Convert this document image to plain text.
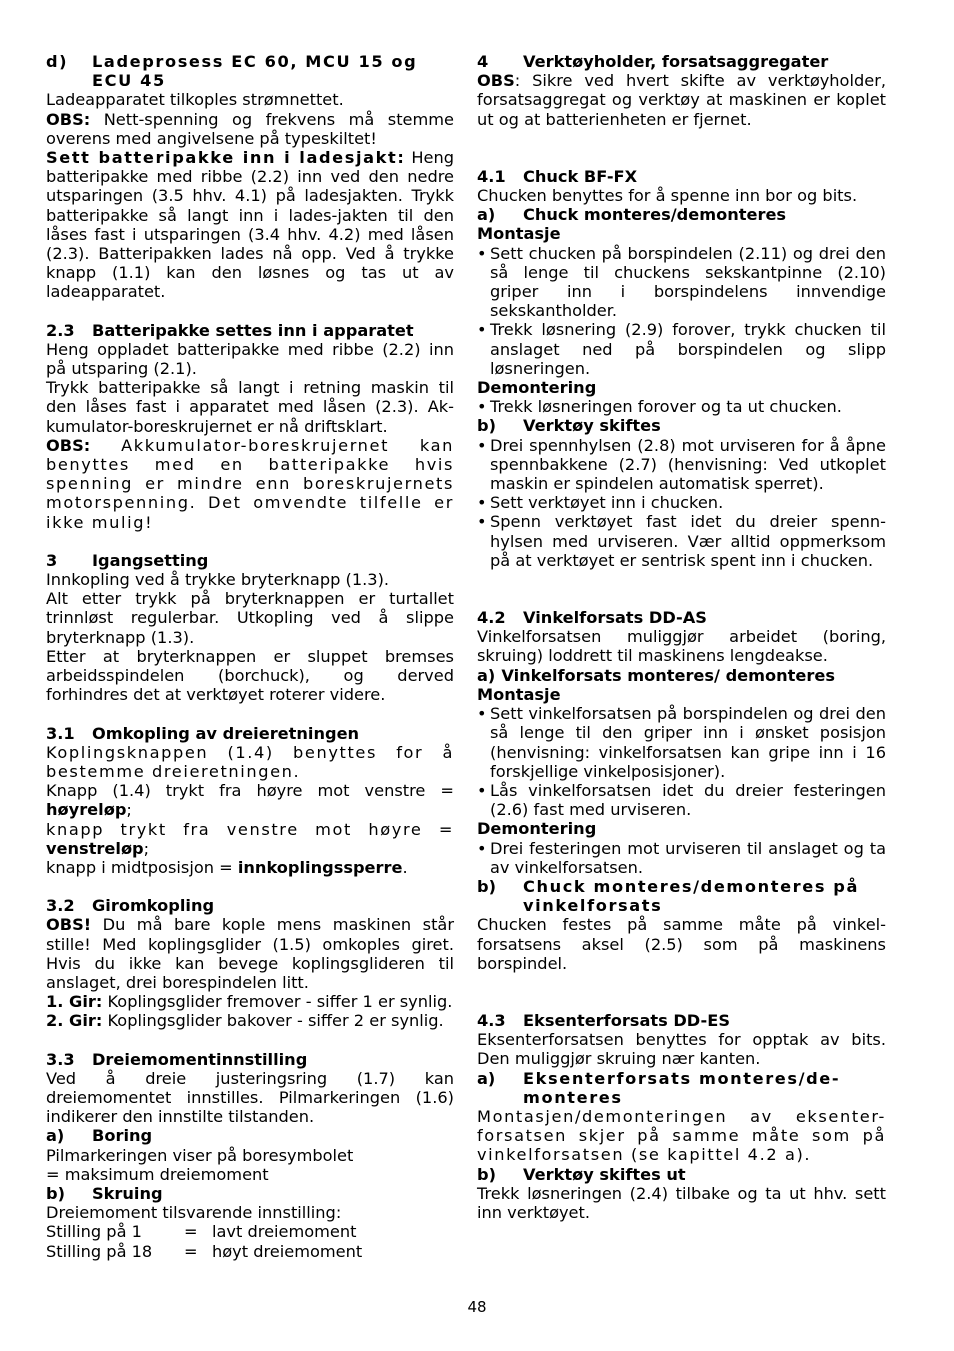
d)	Ladeprosess EC 60, MCU 15 og ECU 45

Ladeapparatet tilkoples strømnettet.

OBS: Nett-spenning og frekvens må stemme overens med angivelsene på typeskiltet!

Sett batteripakke inn i ladesjakt: Heng batteripakke med ribbe (2.2) inn ved den nedre utsparingen (3.5 hhv. 4.1) på ladesjakten. Trykk batteripakke så langt inn i lades-jakten til den låses fast i utsparingen (3.4 hhv. 4.2) med låsen (2.3). Batteripakken lades nå opp. Ved å trykke knapp (1.1) kan den løsnes og tas ut av ladeapparatet.

2.3	Batteripakke settes inn i apparatet

Heng oppladet batteripakke med ribbe (2.2) inn på utsparing (2.1).

Trykk batteripakke så langt i retning maskin til den låses fast i apparatet med låsen (2.3). Ak-kumulator-boreskrujernet er nå driftsklart.

OBS: Akkumulator-boreskrujernet kan benyttes med en batteripakke hvis spenning er mindre enn boreskrujernets motorspenning. Det omvendte tilfelle er ikke mulig!

3	Igangsetting

Innkopling ved å trykke bryterknapp (1.3).

Alt etter trykk på bryterknappen er turtallet trinnløst regulerbar. Utkopling ved å slippe bryterknapp (1.3).

Etter at bryterknappen er sluppet bremses arbeidsspindelen (borchuck), og derved forhindres det at verktøyet roterer videre.

3.1	Omkopling av dreieretningen

Koplingsknappen (1.4) benyttes for å bestemme dreieretningen.

Knapp (1.4) trykt fra høyre mot venstre = høyreløp;

knapp trykt fra venstre mot høyre = venstreløp;

knapp i midtposisjon = innkoplingssperre.

3.2	Giromkopling

OBS! Du må bare kople mens maskinen står stille! Med koplingsglider (1.5) omkoples giret. Hvis du ikke kan bevege koplingsglideren til anslaget, drei borespindelen litt.

1. Gir: Koplingsglider fremover - siffer 1 er synlig.

2. Gir: Koplingsglider bakover - siffer 2 er synlig.

3.3	Dreiemomentinnstilling

Ved å dreie justeringsring (1.7) kan dreiemomentet innstilles. Pilmarkeringen (1.6) indikerer den innstilte tilstanden.

a)	Boring

Pilmarkeringen viser på boresymbolet

= maksimum dreiemoment

b)	Skruing

Dreiemoment tilsvarende innstilling:

Stilling på 1	= lavt dreiemoment
Stilling på 18	= høyt dreiemoment
4	Verktøyholder, forsatsaggregater

OBS: Sikre ved hvert skifte av verktøyholder, forsatsaggregat og verktøy at maskinen er koplet ut og at batterienheten er fjernet.

4.1	Chuck BF-FX

Chucken benyttes for å spenne inn bor og bits.

a)	Chuck monteres/demonteres

Montasje

• Sett chucken på borspindelen (2.11) og drei den så lenge til chuckens sekskantpinne (2.10) griper inn i borspindelens innvendige sekskantholder.
• Trekk løsnering (2.9) forover, trykk chucken til anslaget ned på borspindelen og slipp løsneringen.

Demontering

• Trekk løsneringen forover og ta ut chucken.
b)	Verktøy skiftes
• Drei spennhylsen (2.8) mot urviseren for å åpne spennbakkene (2.7) (henvisning: Ved utkoplet maskin er spindelen automatisk sperret).
• Sett verktøyet inn i chucken.
• Spenn verktøyet fast idet du dreier spenn-hylsen med urviseren. Vær alltid oppmerksom på at verktøyet er sentrisk spent inn i chucken.
4.2	Vinkelforsats DD-AS

Vinkelforsatsen muliggjør arbeidet (boring, skruing) loddrett til maskinens lengdeakse.

a) Vinkelforsats monteres/ demonteres

Montasje

• Sett vinkelforsatsen på borspindelen og drei den så lenge til den griper inn i ønsket posisjon (henvisning: vinkelforsatsen kan gripe inn i 16 forskjellige vinkelposisjoner).
• Lås vinkelforsatsen idet du dreier festeringen (2.6) fast med urviseren.

Demontering

• Drei festeringen mot urviseren til anslaget og ta av vinkelforsatsen.
b)	Chuck monteres/demonteres på vinkelforsats

Chucken festes på samme måte på vinkel-forsatsens aksel (2.5) som på maskinens borspindel.

4.3	Eksenterforsats DD-ES

Eksenterforsatsen benyttes for opptak av bits. Den muliggjør skruing nær kanten.

a)	Eksenterforsats monteres/de-monteres

Montasjen/demonteringen av eksenter-forsatsen skjer på samme måte som på vinkelforsatsen (se kapittel 4.2 a).

b)	Verktøy skiftes ut

Trekk løsneringen (2.4) tilbake og ta ut hhv. sett inn verktøyet.

48
